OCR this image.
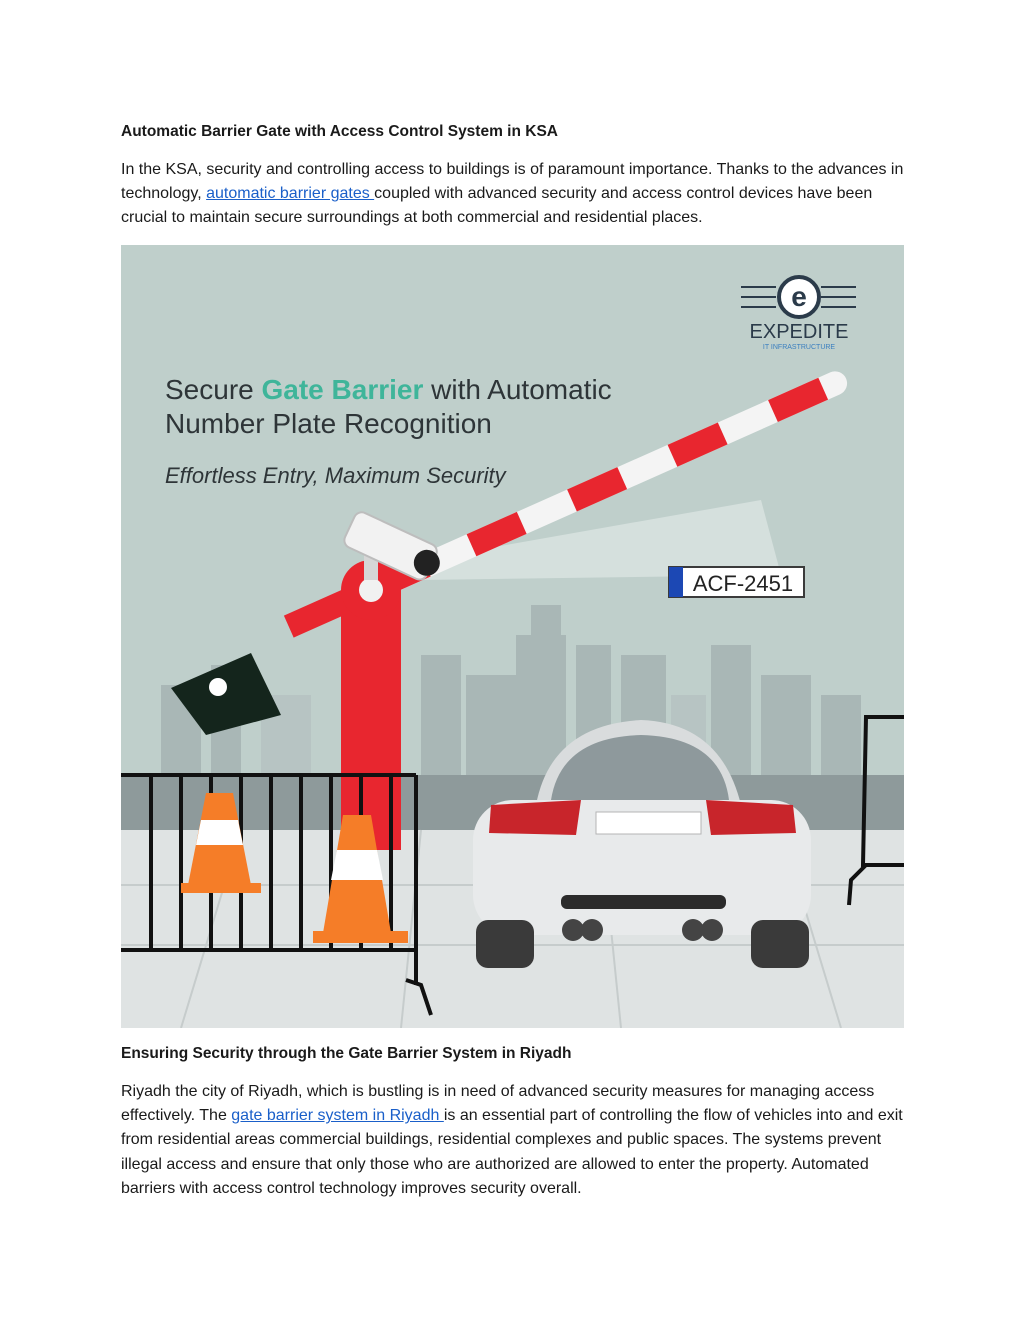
Automatic Barrier Gate with Access Control System in KSA

In the KSA, security and controlling access to buildings is of paramount importance. Thanks to the advances in technology, automatic barrier gates coupled with advanced security and access control devices have been crucial to maintain secure surroundings at both commercial and residential places.

e
EXPEDITE
IT INFRASTRUCTURE
Secure Gate Barrier with Automatic
Number Plate Recognition
Effortless Entry, Maximum Security
ACF-2451
Ensuring Security through the Gate Barrier System in Riyadh

Riyadh the city of Riyadh, which is bustling is in need of advanced security measures for managing access effectively. The gate barrier system in Riyadh is an essential part of controlling the flow of vehicles into and exit from residential areas commercial buildings, residential complexes and public spaces. The systems prevent illegal access and ensure that only those who are authorized are allowed to enter the property. Automated barriers with access control technology improves security overall.
